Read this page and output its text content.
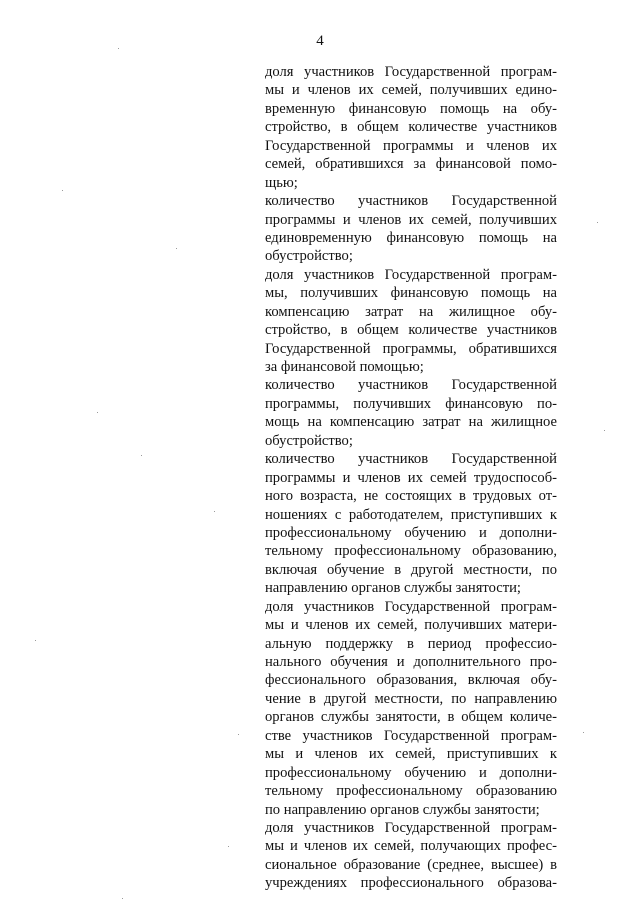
4
доля участников Государственной програм-
мы и членов их семей, получивших едино-
временную финансовую помощь на обу-
стройство, в общем количестве участников
Государственной программы и членов их
семей, обратившихся за финансовой помо-
щью;
количество участников Государственной
программы и членов их семей, получивших
единовременную финансовую помощь на
обустройство;
доля участников Государственной програм-
мы, получивших финансовую помощь на
компенсацию затрат на жилищное обу-
стройство, в общем количестве участников
Государственной программы, обратившихся
за финансовой помощью;
количество участников Государственной
программы, получивших финансовую по-
мощь на компенсацию затрат на жилищное
обустройство;
количество участников Государственной
программы и членов их семей трудоспособ-
ного возраста, не состоящих в трудовых от-
ношениях с работодателем, приступивших к
профессиональному обучению и дополни-
тельному профессиональному образованию,
включая обучение в другой местности, по
направлению органов службы занятости;
доля участников Государственной програм-
мы и членов их семей, получивших матери-
альную поддержку в период профессио-
нального обучения и дополнительного про-
фессионального образования, включая обу-
чение в другой местности, по направлению
органов службы занятости, в общем количе-
стве участников Государственной програм-
мы и членов их семей, приступивших к
профессиональному обучению и дополни-
тельному профессиональному образованию
по направлению органов службы занятости;
доля участников Государственной програм-
мы и членов их семей, получающих профес-
сиональное образование (среднее, высшее) в
учреждениях профессионального образова-
